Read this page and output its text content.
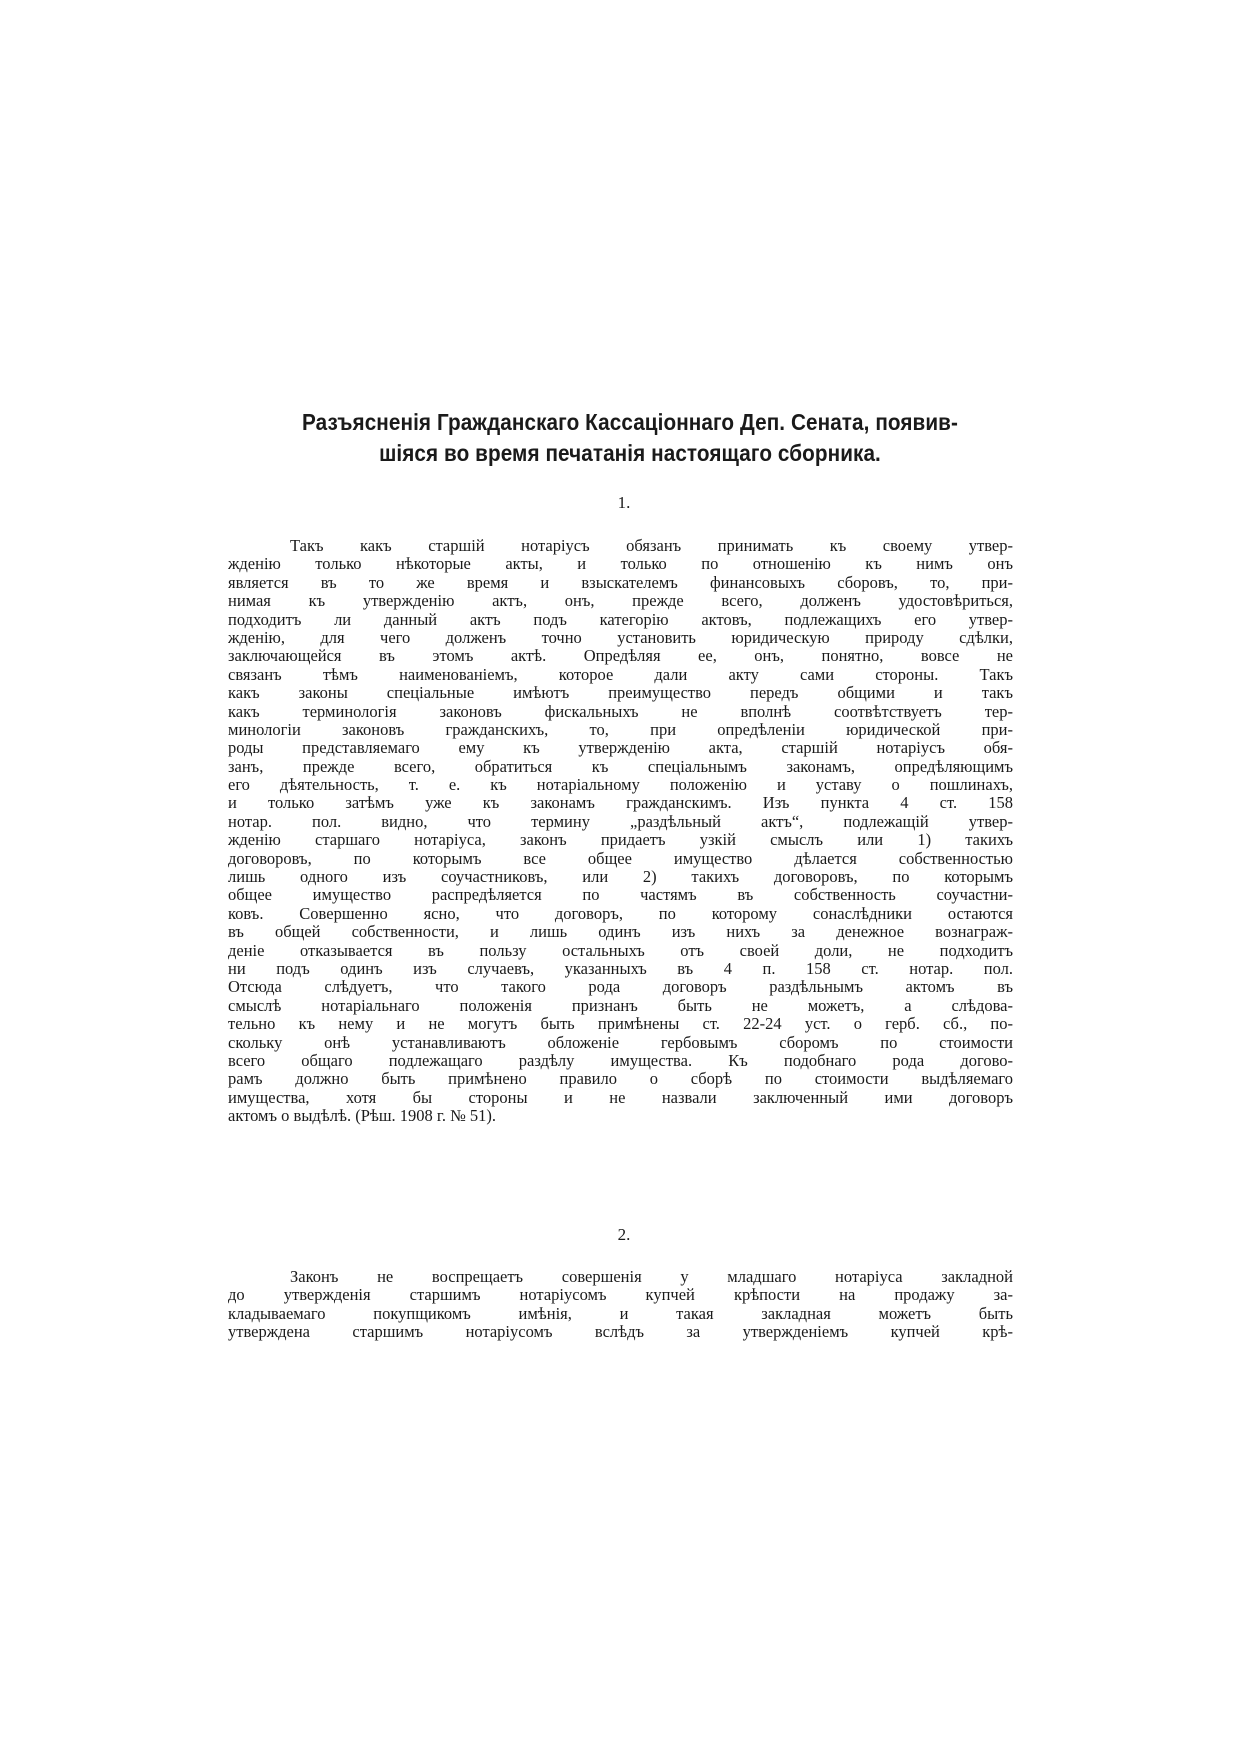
Разъясненія Гражданскаго Кассаціоннаго Деп. Сената, появив-
шіяся во время печатанія настоящаго сборника.
1.
Такъ какъ старшій нотаріусъ обязанъ принимать къ своему утвер-
жденію только нѣкоторые акты, и только по отношенію къ нимъ онъ
является въ то же время и взыскателемъ финансовыхъ сборовъ, то, при-
нимая къ утвержденію актъ, онъ, прежде всего, долженъ удостовѣриться,
подходитъ ли данный актъ подъ категорію актовъ, подлежащихъ его утвер-
жденію, для чего долженъ точно установить юридическую природу сдѣлки,
заключающейся въ этомъ актѣ. Опредѣляя ее, онъ, понятно, вовсе не
связанъ тѣмъ наименованіемъ, которое дали акту сами стороны. Такъ
какъ законы спеціальные имѣютъ преимущество передъ общими и такъ
какъ терминологія законовъ фискальныхъ не вполнѣ соотвѣтствуетъ тер-
минологіи законовъ гражданскихъ, то, при опредѣленіи юридической при-
роды представляемаго ему къ утвержденію акта, старшій нотаріусъ обя-
занъ, прежде всего, обратиться къ спеціальнымъ законамъ, опредѣляющимъ
его дѣятельность, т. е. къ нотаріальному положенію и уставу о пошлинахъ,
и только затѣмъ уже къ законамъ гражданскимъ. Изъ пункта 4 ст. 158
нотар. пол. видно, что термину „раздѣльный актъ“, подлежащій утвер-
жденію старшаго нотаріуса, законъ придаетъ узкій смыслъ или 1) такихъ
договоровъ, по которымъ все общее имущество дѣлается собственностью
лишь одного изъ соучастниковъ, или 2) такихъ договоровъ, по которымъ
общее имущество распредѣляется по частямъ въ собственность соучастни-
ковъ. Совершенно ясно, что договоръ, по которому сонаслѣдники остаются
въ общей собственности, и лишь одинъ изъ нихъ за денежное вознаграж-
деніе отказывается въ пользу остальныхъ отъ своей доли, не подходитъ
ни подъ одинъ изъ случаевъ, указанныхъ въ 4 п. 158 ст. нотар. пол.
Отсюда слѣдуетъ, что такого рода договоръ раздѣльнымъ актомъ въ
смыслѣ нотаріальнаго положенія признанъ быть не можетъ, а слѣдова-
тельно къ нему и не могутъ быть примѣнены ст. 22-24 уст. о герб. сб., по-
скольку онѣ устанавливаютъ обложеніе гербовымъ сборомъ по стоимости
всего общаго подлежащаго раздѣлу имущества. Къ подобнаго рода догово-
рамъ должно быть примѣнено правило о сборѣ по стоимости выдѣляемаго
имущества, хотя бы стороны и не назвали заключенный ими договоръ
актомъ о выдѣлѣ. (Рѣш. 1908 г. № 51).
2.
Законъ не воспрещаетъ совершенія у младшаго нотаріуса закладной
до утвержденія старшимъ нотаріусомъ купчей крѣпости на продажу за-
кладываемаго покупщикомъ имѣнія, и такая закладная можетъ быть
утверждена старшимъ нотаріусомъ вслѣдъ за утвержденіемъ купчей крѣ-
